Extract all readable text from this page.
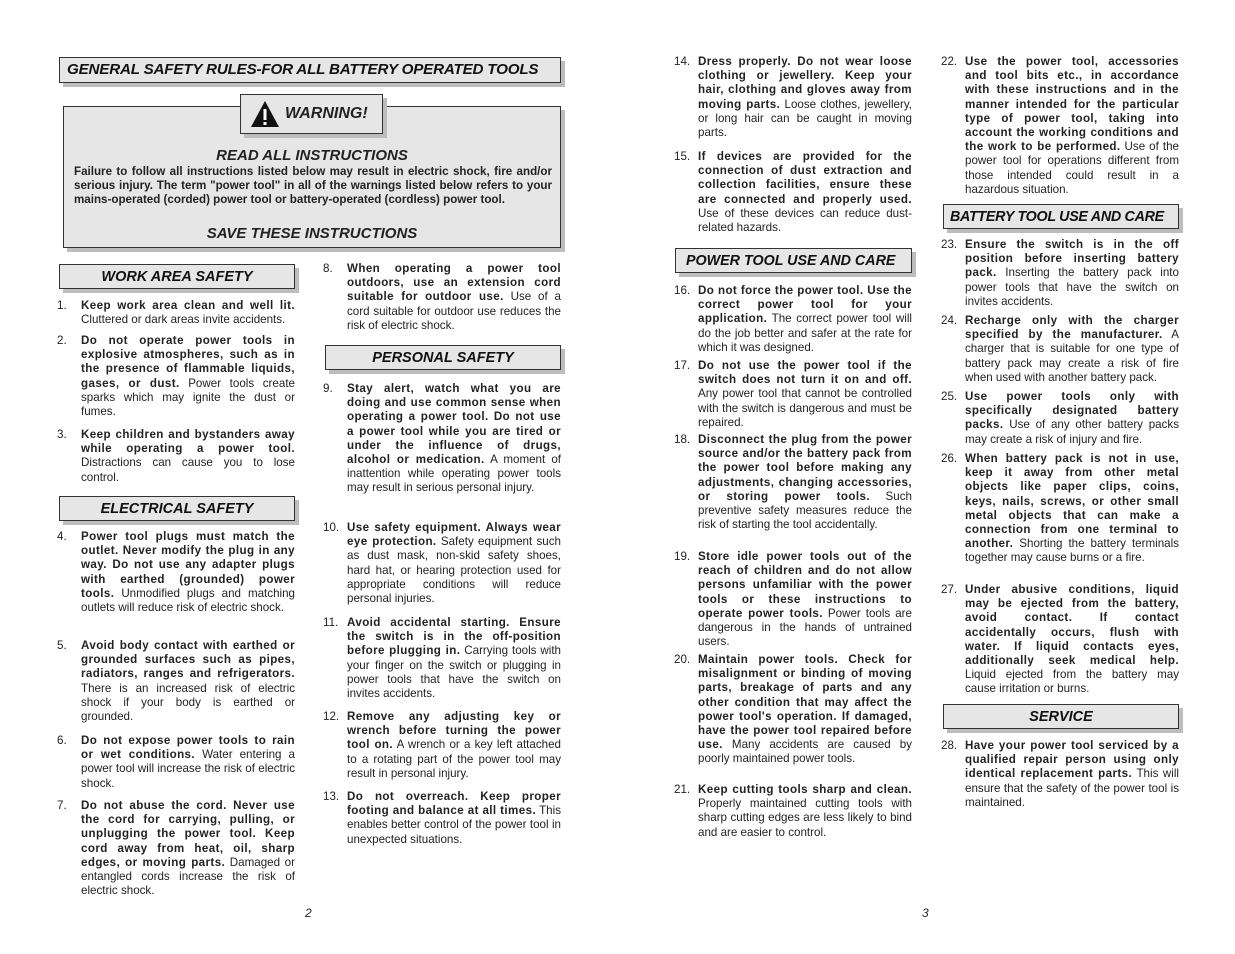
GENERAL SAFETY RULES-FOR ALL BATTERY OPERATED TOOLS
READ ALL INSTRUCTIONS
Failure to follow all instructions listed below may result in electric shock, fire and/or serious injury. The term "power tool" in all of the warnings listed below refers to your mains-operated (corded) power tool or battery-operated (cordless) power tool.
SAVE THESE INSTRUCTIONS
WARNING!
WORK AREA SAFETY
ELECTRICAL SAFETY
PERSONAL SAFETY
POWER TOOL USE AND CARE
BATTERY TOOL USE AND CARE
SERVICE
1. Keep work area clean and well lit. Cluttered or dark areas invite accidents.
2. Do not operate power tools in explosive atmospheres, such as in the presence of flammable liquids, gases, or dust. Power tools create sparks which may ignite the dust or fumes.
3. Keep children and bystanders away while operating a power tool. Distractions can cause you to lose control.
4. Power tool plugs must match the outlet. Never modify the plug in any way. Do not use any adapter plugs with earthed (grounded) power tools. Unmodified plugs and matching outlets will reduce risk of electric shock.
5. Avoid body contact with earthed or grounded surfaces such as pipes, radiators, ranges and refrigerators. There is an increased risk of electric shock if your body is earthed or grounded.
6. Do not expose power tools to rain or wet conditions. Water entering a power tool will increase the risk of electric shock.
7. Do not abuse the cord. Never use the cord for carrying, pulling, or unplugging the power tool. Keep cord away from heat, oil, sharp edges, or moving parts. Damaged or entangled cords increase the risk of electric shock.
8. When operating a power tool outdoors, use an extension cord suitable for outdoor use. Use of a cord suitable for outdoor use reduces the risk of electric shock.
9. Stay alert, watch what you are doing and use common sense when operating a power tool. Do not use a power tool while you are tired or under the influence of drugs, alcohol or medication. A moment of inattention while operating power tools may result in serious personal injury.
10. Use safety equipment. Always wear eye protection. Safety equipment such as dust mask, non-skid safety shoes, hard hat, or hearing protection used for appropriate conditions will reduce personal injuries.
11. Avoid accidental starting. Ensure the switch is in the off-position before plugging in. Carrying tools with your finger on the switch or plugging in power tools that have the switch on invites accidents.
12. Remove any adjusting key or wrench before turning the power tool on. A wrench or a key left attached to a rotating part of the power tool may result in personal injury.
13. Do not overreach. Keep proper footing and balance at all times. This enables better control of the power tool in unexpected situations.
14. Dress properly. Do not wear loose clothing or jewellery. Keep your hair, clothing and gloves away from moving parts. Loose clothes, jewellery, or long hair can be caught in moving parts.
15. If devices are provided for the connection of dust extraction and collection facilities, ensure these are connected and properly used. Use of these devices can reduce dust-related hazards.
16. Do not force the power tool. Use the correct power tool for your application. The correct power tool will do the job better and safer at the rate for which it was designed.
17. Do not use the power tool if the switch does not turn it on and off. Any power tool that cannot be controlled with the switch is dangerous and must be repaired.
18. Disconnect the plug from the power source and/or the battery pack from the power tool before making any adjustments, changing accessories, or storing power tools. Such preventive safety measures reduce the risk of starting the tool accidentally.
19. Store idle power tools out of the reach of children and do not allow persons unfamiliar with the power tools or these instructions to operate power tools. Power tools are dangerous in the hands of untrained users.
20. Maintain power tools. Check for misalignment or binding of moving parts, breakage of parts and any other condition that may affect the power tool's operation. If damaged, have the power tool repaired before use. Many accidents are caused by poorly maintained power tools.
21. Keep cutting tools sharp and clean. Properly maintained cutting tools with sharp cutting edges are less likely to bind and are easier to control.
22. Use the power tool, accessories and tool bits etc., in accordance with these instructions and in the manner intended for the particular type of power tool, taking into account the working conditions and the work to be performed. Use of the power tool for operations different from those intended could result in a hazardous situation.
23. Ensure the switch is in the off position before inserting battery pack. Inserting the battery pack into power tools that have the switch on invites accidents.
24. Recharge only with the charger specified by the manufacturer. A charger that is suitable for one type of battery pack may create a risk of fire when used with another battery pack.
25. Use power tools only with specifically designated battery packs. Use of any other battery packs may create a risk of injury and fire.
26. When battery pack is not in use, keep it away from other metal objects like paper clips, coins, keys, nails, screws, or other small metal objects that can make a connection from one terminal to another. Shorting the battery terminals together may cause burns or a fire.
27. Under abusive conditions, liquid may be ejected from the battery, avoid contact. If contact accidentally occurs, flush with water. If liquid contacts eyes, additionally seek medical help. Liquid ejected from the battery may cause irritation or burns.
28. Have your power tool serviced by a qualified repair person using only identical replacement parts. This will ensure that the safety of the power tool is maintained.
2	3
